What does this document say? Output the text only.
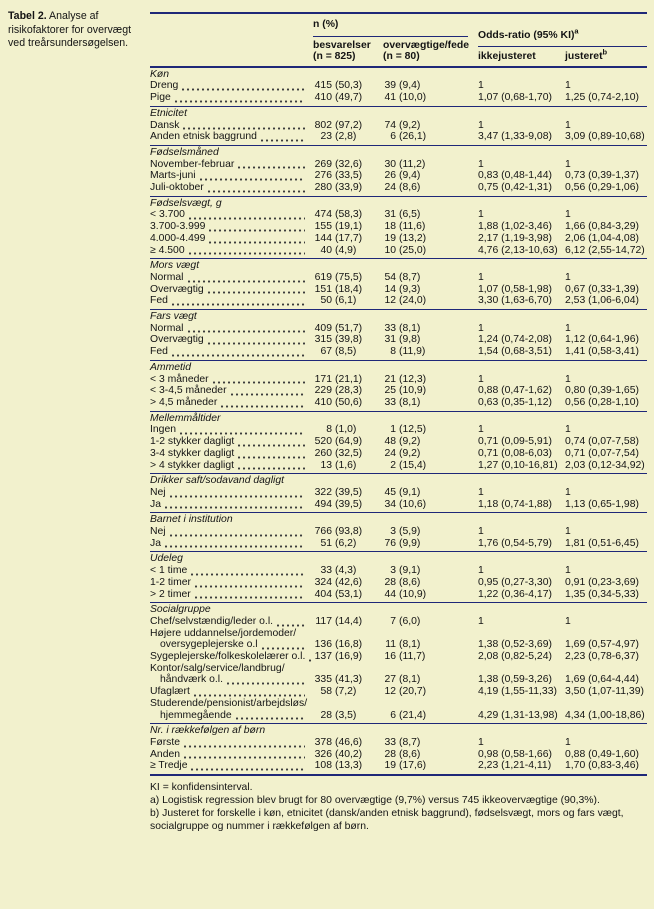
Tabel 2. Analyse af risikofaktorer for overvægt ved treårsundersøgelsen.
n (%)
besvarelser
(n = 825)
overvægtige/fede
(n = 80)
Odds-ratio (95% KI)$^a$
ikkejusteret	justeret$^b$
Køn
Dreng	415 (50,3)	39 (9,4)	1	1
Pige	410 (49,7)	41 (10,0)	1,07 (0,68-1,70)	1,25 (0,74-2,10)
Etnicitet
Dansk	802 (97,2)	74 (9,2)	1	1
Anden etnisk baggrund	23 (2,8)	6 (26,1)	3,47 (1,33-9,08)	3,09 (0,89-10,68)
Fødselsmåned
November-februar	269 (32,6)	30 (11,2)	1	1
Marts-juni	276 (33,5)	26 (9,4)	0,83 (0,48-1,44)	0,73 (0,39-1,37)
Juli-oktober	280 (33,9)	24 (8,6)	0,75 (0,42-1,31)	0,56 (0,29-1,06)
Fødselsvægt, g
< 3.700	474 (58,3)	31 (6,5)	1	1
3.700-3.999	155 (19,1)	18 (11,6)	1,88 (1,02-3,46)	1,66 (0,84-3,29)
4.000-4.499	144 (17,7)	19 (13,2)	2,17 (1,19-3,98)	2,06 (1,04-4,08)
≥ 4.500	40 (4,9)	10 (25,0)	4,76 (2,13-10,63) 6,12 (2,55-14,72)
Mors vægt
Normal	619 (75,5)	54 (8,7)	1	1
Overvægtig	151 (18,4)	14 (9,3)	1,07 (0,58-1,98)	0,67 (0,33-1,39)
Fed	50 (6,1)	12 (24,0)	3,30 (1,63-6,70)	2,53 (1,06-6,04)
Fars vægt
Normal	409 (51,7)	33 (8,1)	1	1
Overvægtig	315 (39,8)	31 (9,8)	1,24 (0,74-2,08)	1,12 (0,64-1,96)
Fed	67 (8,5)	8 (11,9)	1,54 (0,68-3,51)	1,41 (0,58-3,41)
Ammetid
< 3 måneder	171 (21,1)	21 (12,3)	1	1
< 3-4,5 måneder	229 (28,3)	25 (10,9)	0,88 (0,47-1,62)	0,80 (0,39-1,65)
> 4,5 måneder	410 (50,6)	33 (8,1)	0,63 (0,35-1,12)	0,56 (0,28-1,10)
Mellemmåltider
Ingen	8 (1,0)	1 (12,5)	1	1
1-2 stykker dagligt	520 (64,9)	48 (9,2)	0,71 (0,09-5,91)	0,74 (0,07-7,58)
3-4 stykker dagligt	260 (32,5)	24 (9,2)	0,71 (0,08-6,03)	0,71 (0,07-7,54)
> 4 stykker dagligt	13 (1,6)	2 (15,4)	1,27 (0,10-16,81) 2,03 (0,12-34,92)
Drikker saft/sodavand dagligt
Nej	322 (39,5)	45 (9,1)	1	1
Ja	494 (39,5)	34 (10,6)	1,18 (0,74-1,88)	1,13 (0,65-1,98)
Barnet i institution
Nej	766 (93,8)	3 (5,9)	1	1
Ja	51 (6,2)	76 (9,9)	1,76 (0,54-5,79)	1,81 (0,51-6,45)
Udeleg
< 1 time	33 (4,3)	3 (9,1)	1	1
1-2 timer	324 (42,6)	28 (8,6)	0,95 (0,27-3,30)	0,91 (0,23-3,69)
> 2 timer	404 (53,1)	44 (10,9)	1,22 (0,36-4,17)	1,35 (0,34-5,33)
Socialgruppe
Chef/selvstændig/leder o.l.	117 (14,4)	7 (6,0)	1	1
Højere uddannelse/jordemoder/
oversygeplejerske o.l	136 (16,8)	11 (8,1)	1,38 (0,52-3,69)	1,69 (0,57-4,97)
Sygeplejerske/folkeskolelærer o.l. 137 (16,9)	16 (11,7)	2,08 (0,82-5,24)	2,23 (0,78-6,37)
Kontor/salg/service/landbrug/
håndværk o.l.	335 (41,3)	27 (8,1)	1,38 (0,59-3,26)	1,69 (0,64-4,44)
Ufaglært	58 (7,2)	12 (20,7)	4,19 (1,55-11,33) 3,50 (1,07-11,39)
Studerende/pensionist/arbejdsløs/
hjemmegående	28 (3,5)	6 (21,4)	4,29 (1,31-13,98) 4,34 (1,00-18,86)
Nr. i rækkefølgen af børn
Første	378 (46,6)	33 (8,7)	1	1
Anden	326 (40,2)	28 (8,6)	0,98 (0,58-1,66)	0,88 (0,49-1,60)
≥ Tredje	108 (13,3)	19 (17,6)	2,23 (1,21-4,11)	1,70 (0,83-3,46)
KI = konfidensinterval.
a) Logistisk regression blev brugt for 80 overvægtige (9,7%) versus 745 ikkeovervægtige (90,3%).
b) Justeret for forskelle i køn, etnicitet (dansk/anden etnisk baggrund), fødselsvægt, mors og fars vægt, socialgruppe og nummer i rækkefølgen af børn.
